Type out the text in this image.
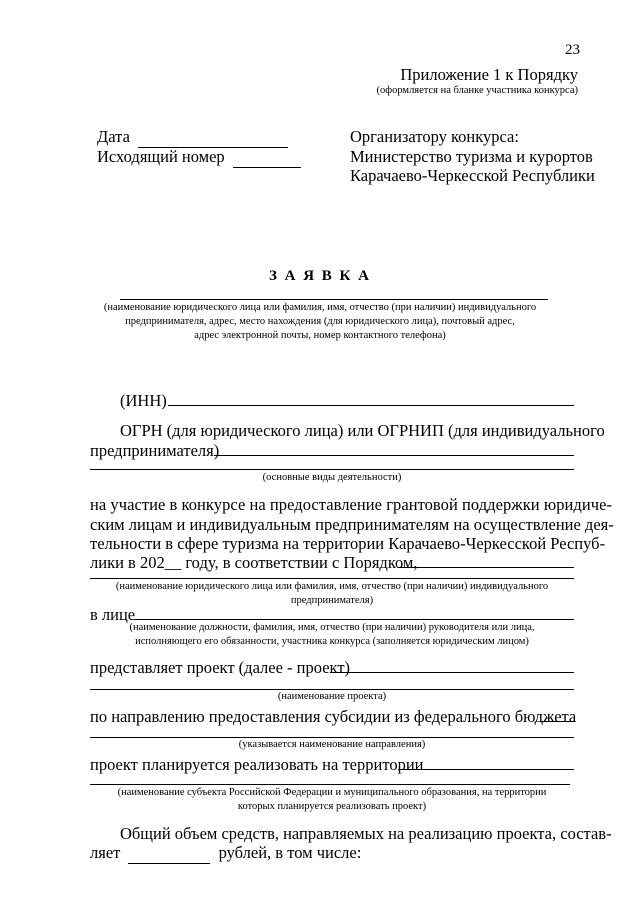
23
Приложение 1 к Порядку
(оформляется на бланке участника конкурса)
Дата
Исходящий номер
Организатору конкурса:
Министерство туризма и курортов
Карачаево-Черкесской Республики
З А Я В К А
(наименование юридического лица или фамилия, имя, отчество (при наличии) индивидуального
предпринимателя, адрес, место нахождения (для юридического лица), почтовый адрес,
адрес электронной почты, номер контактного телефона)
(ИНН)
ОГРН (для юридического лица) или ОГРНИП (для индивидуального
предпринимателя)
(основные виды деятельности)
на участие в конкурсе на предоставление грантовой поддержки юридиче-
ским лицам и индивидуальным предпринимателям на осуществление дея-
тельности в сфере туризма на территории Карачаево-Черкесской Респуб-
лики в 202__ году, в соответствии с Порядком,
(наименование юридического лица или фамилия, имя, отчество (при наличии) индивидуального
предпринимателя)
в лице
(наименование должности, фамилия, имя, отчество (при наличии) руководителя или лица,
исполняющего его обязанности, участника конкурса (заполняется юридическим лицом)
представляет проект (далее - проект)
(наименование проекта)
по направлению предоставления субсидии из федерального бюджета
(указывается наименование направления)
проект планируется реализовать на территории
(наименование субъекта Российской Федерации и муниципального образования, на территории
которых планируется реализовать проект)
Общий объем средств, направляемых на реализацию проекта, состав-
ляет	рублей, в том числе:
